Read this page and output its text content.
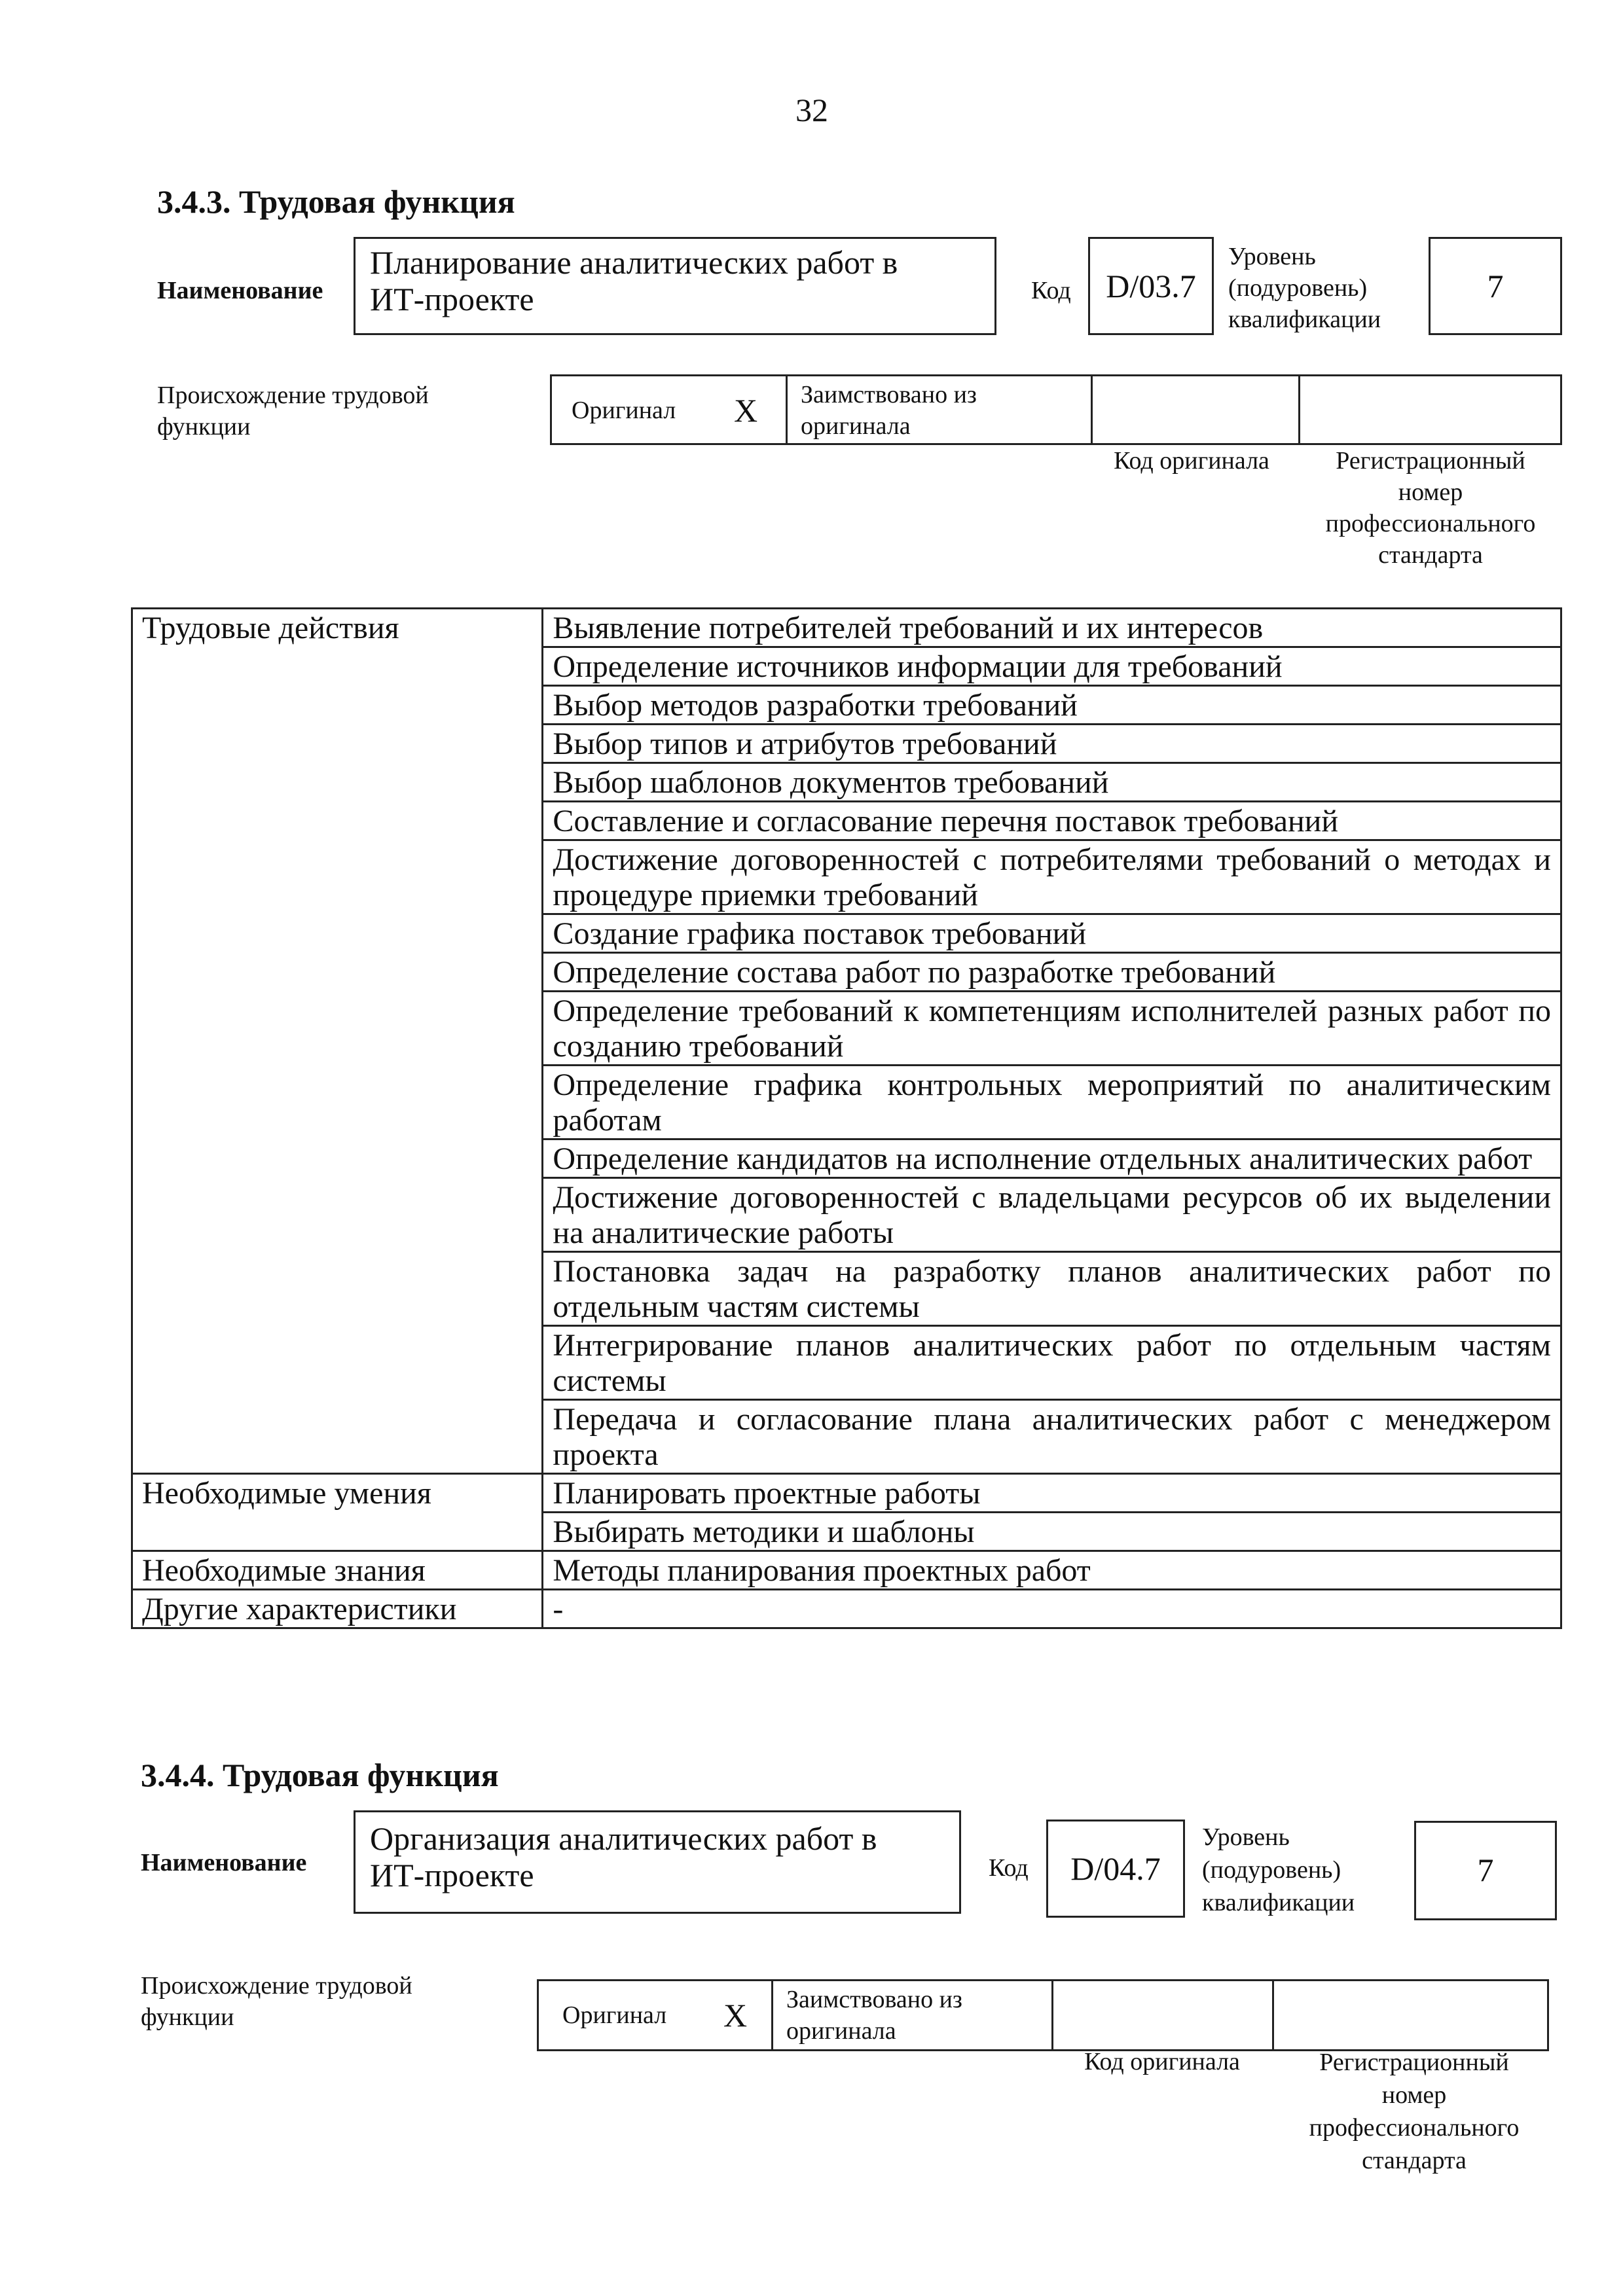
32
3.4.3. Трудовая функция
Наименование
Планирование аналитических работ в ИТ-проекте	Код	D/03.7
Уровень
(подуровень)
квалификации
7
Происхождение трудовой
функции
Оригинал X Заимствовано из
оригинала
Код оригинала	Регистрационный
номер
профессионального
стандарта
Трудовые действия	Выявление потребителей требований и их интересов
	Определение источников информации для требований
	Выбор методов разработки требований
	Выбор типов и атрибутов требований
	Выбор шаблонов документов требований
	Составление и согласование перечня поставок требований
	Достижение договоренностей с потребителями требований о методах и процедуре приемки требований
	Создание графика поставок требований
	Определение состава работ по разработке требований
	Определение требований к компетенциям исполнителей разных работ по созданию требований
	Определение графика контрольных мероприятий по аналитическим работам
	Определение кандидатов на исполнение отдельных аналитических работ
	Достижение договоренностей с владельцами ресурсов об их выделении на аналитические работы
	Постановка задач на разработку планов аналитических работ по отдельным частям системы
	Интегрирование планов аналитических работ по отдельным частям системы
	Передача и согласование плана аналитических работ с менеджером проекта
Необходимые умения	Планировать проектные работы
	Выбирать методики и шаблоны
Необходимые знания	Методы планирования проектных работ
Другие характеристики	-
3.4.4. Трудовая функция
Наименование
Организация аналитических работ в ИТ-проекте	Код	D/04.7
Уровень
(подуровень)
квалификации
7
Происхождение трудовой
функции	Оригинал X Заимствовано из
оригинала
Код оригинала	Регистрационный
номер
профессионального
стандарта
